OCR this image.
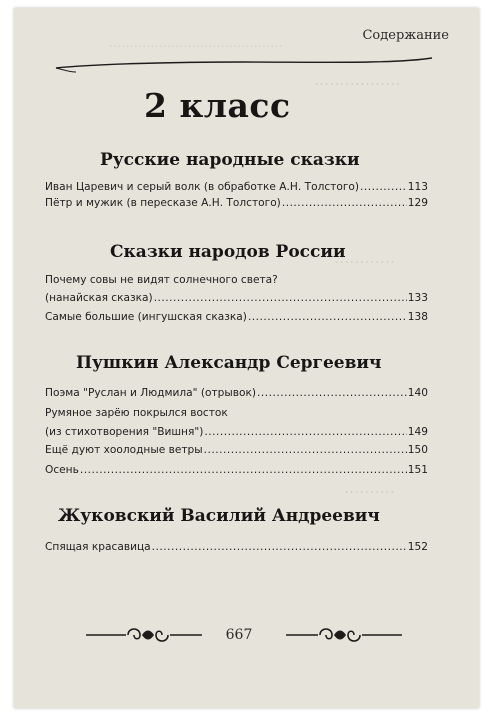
..........................................
.................
............
..........
Содержание
2 класс
Русские народные сказки
Иван Царевич и серый волк (в обработке А.Н. Толстого) .....	113
Пётр и мужик (в пересказе А.Н. Толстого) .....	129
Сказки народов России
Почему совы не видят солнечного света?
(нанайская сказка) .....	133
Самые большие (ингушская сказка) .....	138
Пушкин Александр Сергеевич
Поэма "Руслан и Людмила" (отрывок) .....	140
Румяное зарёю покрылся восток
(из стихотворения "Вишня") .....	149
Ещё дуют хоолодные ветры .....	150
Осень .....	151
Жуковский Василий Андреевич
Спящая красавица .....	152
667
